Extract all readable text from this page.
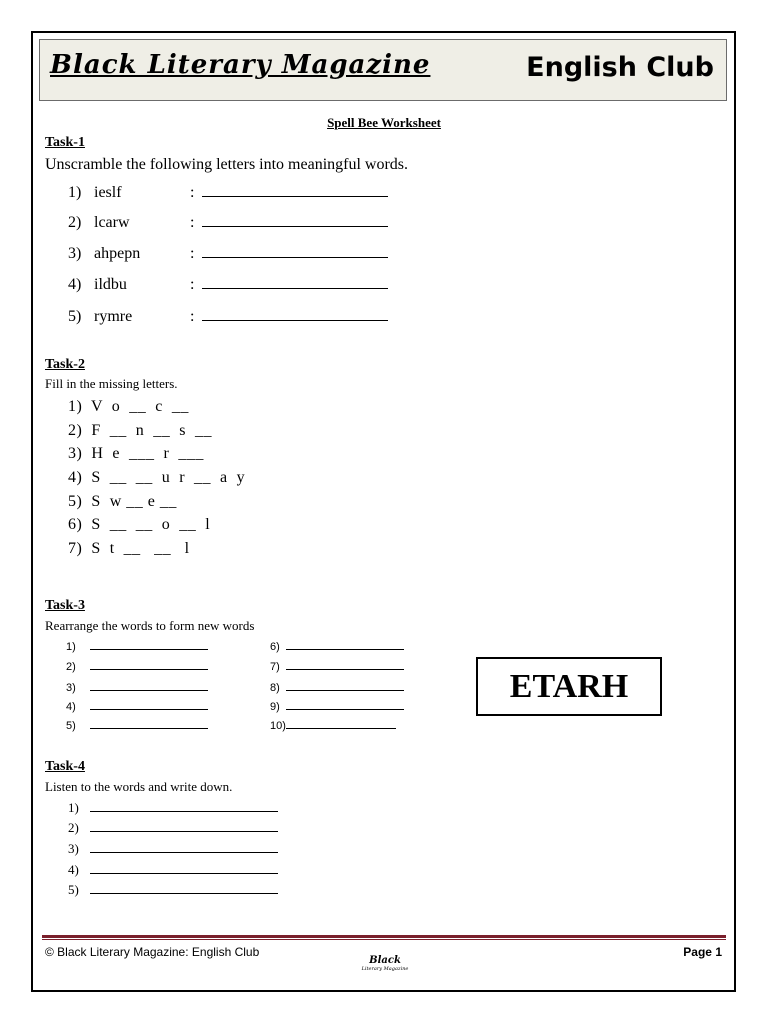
Black Literary Magazine	English Club
Spell Bee Worksheet
Task-1
Unscramble the following letters into meaningful words.
1) ieslf	:
2) lcarw	:
3) ahpepn	:
4) ildbu	:
5) rymre	:
Task-2
Fill in the missing letters.
1)  V  o  __  c  __
2)  F  __  n  __  s  __
3)  H  e  ___  r  ___
4)  S  __  __  u  r  __  a  y
5)  S  w __ e __
6)  S  __  __  o  __  l
7)  S  t  __   __   l
Task-3
Rearrange the words to form new words
1)
2)
3)
4)
5)
6)
7)
8)
9)
10)
ETARH
Task-4
Listen to the words and write down.
1)
2)
3)
4)
5)
© Black Literary Magazine: English Club	Page 1
Black
Literary Magazine
